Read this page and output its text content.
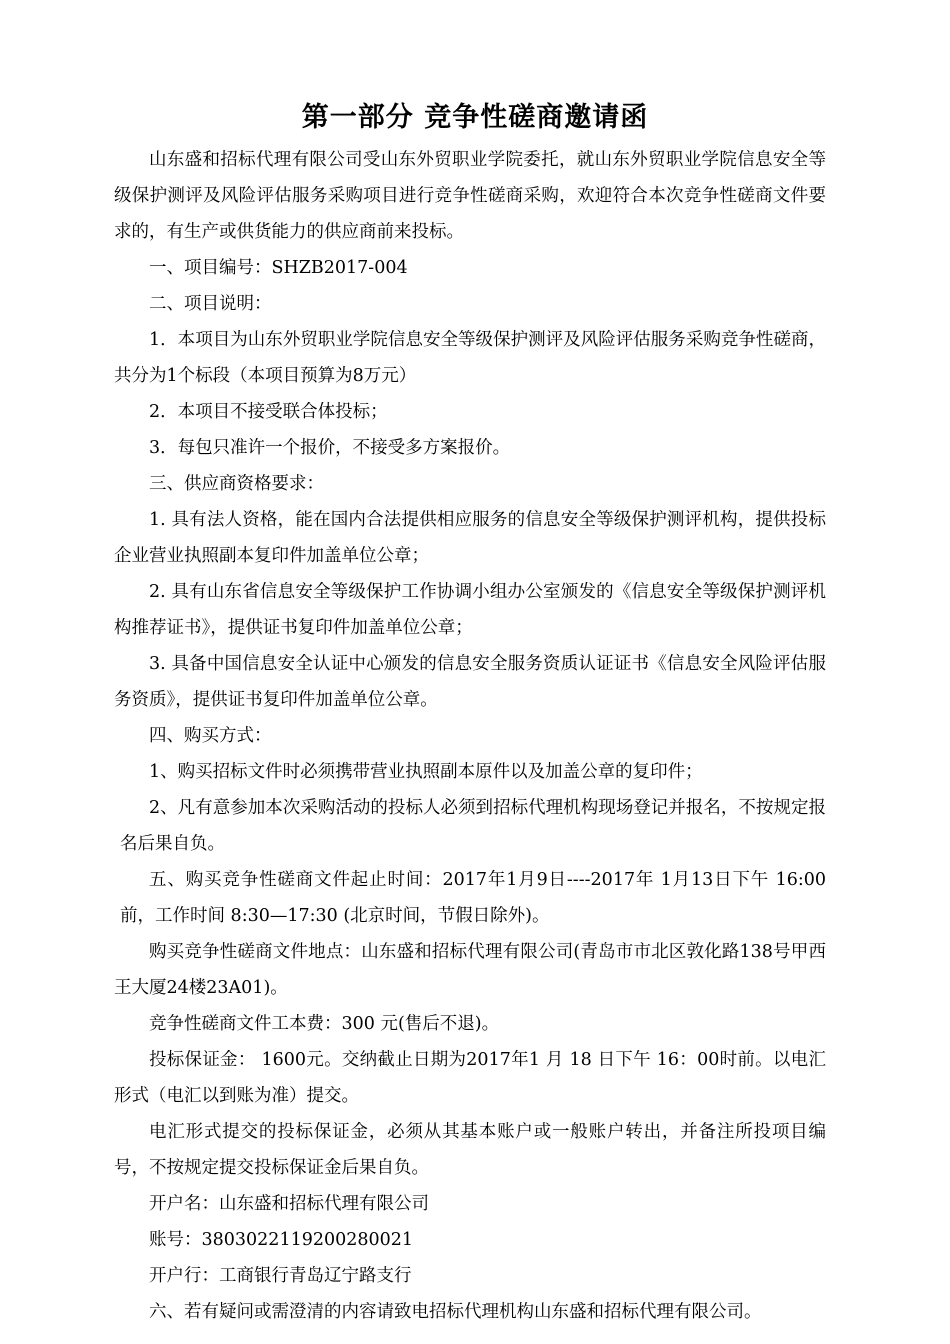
第一部分 竞争性磋商邀请函

山东盛和招标代理有限公司受山东外贸职业学院委托，就山东外贸职业学院信息安全等级保护测评及风险评估服务采购项目进行竞争性磋商采购，欢迎符合本次竞争性磋商文件要求的，有生产或供货能力的供应商前来投标。

一、项目编号：SHZB2017-004

二、项目说明：

1．本项目为山东外贸职业学院信息安全等级保护测评及风险评估服务采购竞争性磋商，共分为1个标段（本项目预算为8万元）

2．本项目不接受联合体投标；

3．每包只准许一个报价，不接受多方案报价。

三、供应商资格要求：

1. 具有法人资格，能在国内合法提供相应服务的信息安全等级保护测评机构，提供投标企业营业执照副本复印件加盖单位公章；

2. 具有山东省信息安全等级保护工作协调小组办公室颁发的《信息安全等级保护测评机构推荐证书》，提供证书复印件加盖单位公章；

3. 具备中国信息安全认证中心颁发的信息安全服务资质认证证书《信息安全风险评估服务资质》，提供证书复印件加盖单位公章。

四、购买方式：

1、购买招标文件时必须携带营业执照副本原件以及加盖公章的复印件；

2、凡有意参加本次采购活动的投标人必须到招标代理机构现场登记并报名，不按规定报名后果自负。

五、购买竞争性磋商文件起止时间：2017年1月9日----2017年 1月13日下午 16:00前，工作时间 8:30—17:30 (北京时间，节假日除外)。

购买竞争性磋商文件地点：山东盛和招标代理有限公司(青岛市市北区敦化路138号甲西王大厦24楼23A01)。

竞争性磋商文件工本费：300 元(售后不退)。

投标保证金： 1600元。交纳截止日期为2017年1 月 18 日下午 16：00时前。以电汇形式（电汇以到账为准）提交。

电汇形式提交的投标保证金，必须从其基本账户或一般账户转出，并备注所投项目编号，不按规定提交投标保证金后果自负。

开户名：山东盛和招标代理有限公司

账号：3803022119200280021

开户行：工商银行青岛辽宁路支行

六、若有疑问或需澄清的内容请致电招标代理机构山东盛和招标代理有限公司。
